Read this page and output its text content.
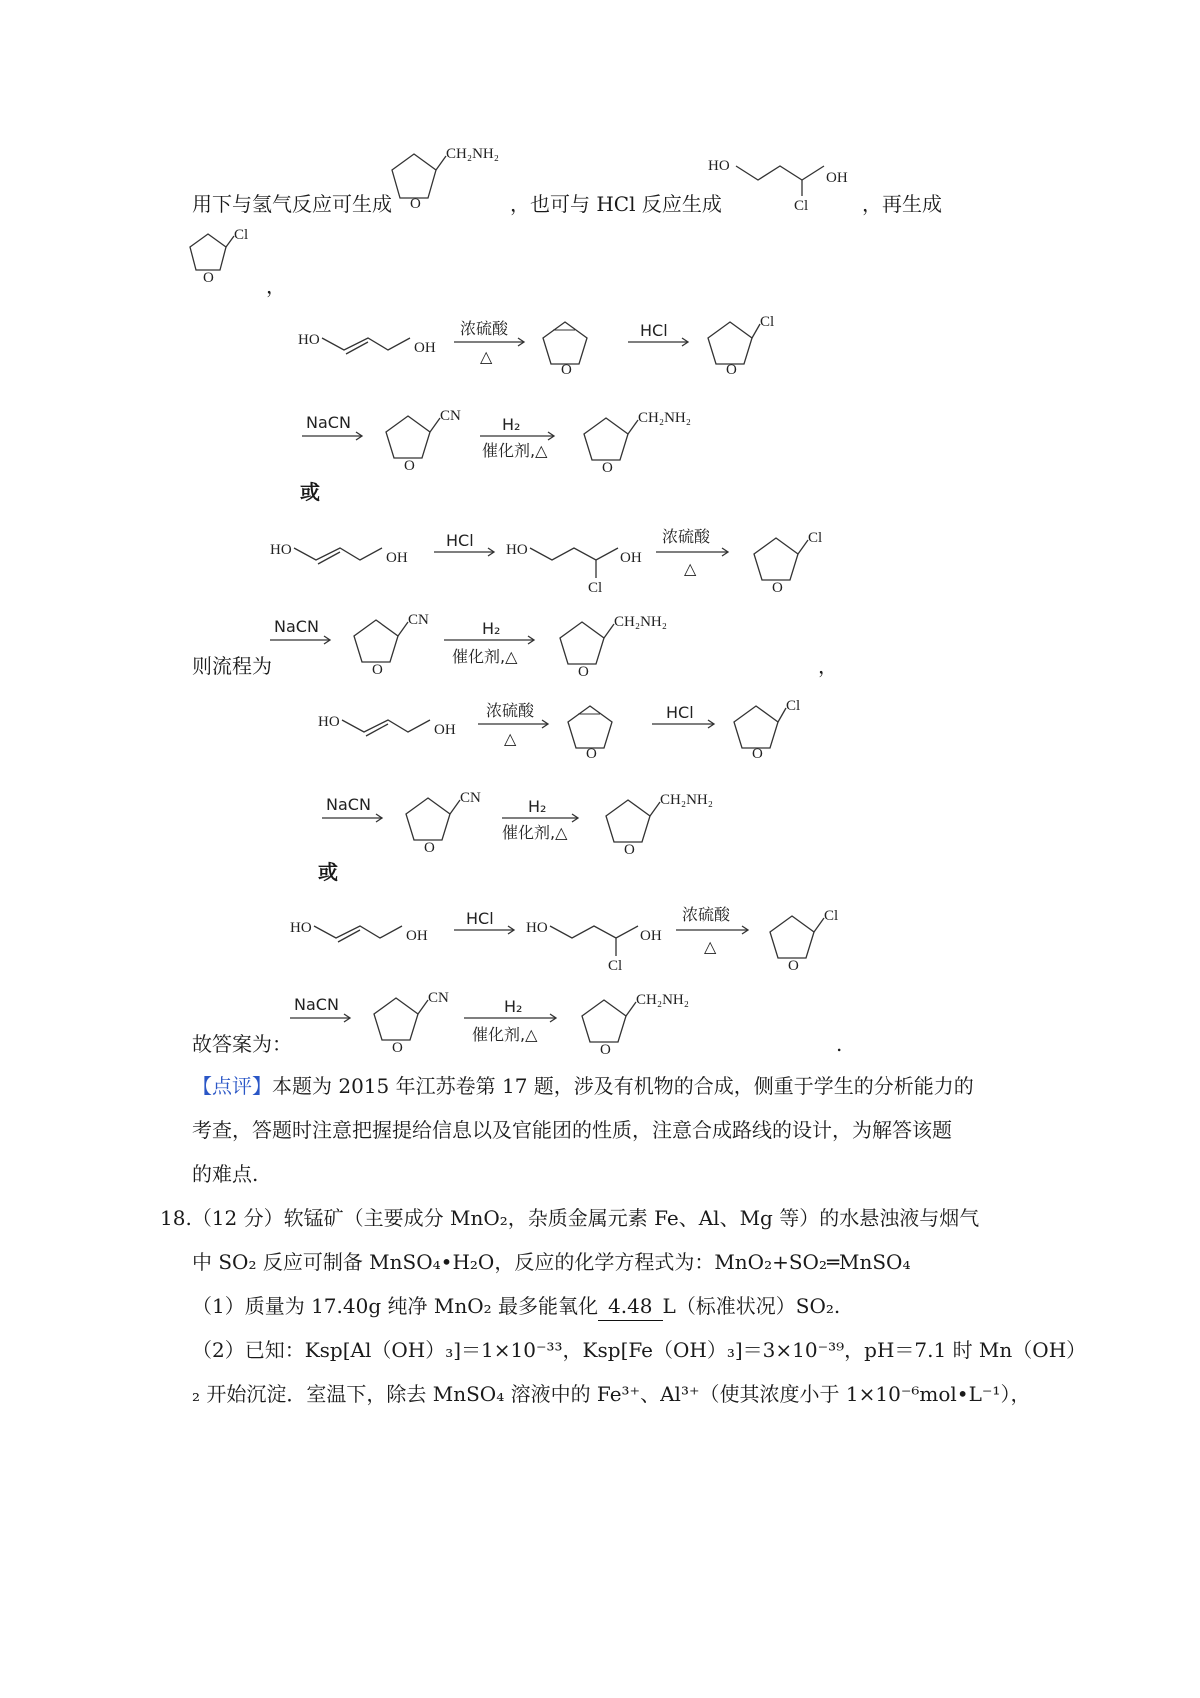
用下与氢气反应可生成
CH₂NH₂
O	，也可与 HCl 反应生成
HO
OH
Cl	，再生成
Cl
O	，
HO	OH
浓硫酸
△
O
HCl	Cl
O
NaCN	CN
O
H₂
催化剂,△
CH₂NH₂
O
或
HO	OH
HCl HO	OH
Cl
浓硫酸
△
Cl
O
则流程为
NaCN	CN
O
H₂
催化剂,△
CH₂NH₂
O	，
HO	OH
浓硫酸
△
O
HCl	Cl
O
NaCN	CN
O
H₂
催化剂,△
CH₂NH₂
O
或
HO	OH
HCl HO	OH
Cl
浓硫酸
△
Cl
O
故答案为：
NaCN	CN
O
H₂
催化剂,△
CH₂NH₂
O	.
【点评】本题为 2015 年江苏卷第 17 题，涉及有机物的合成，侧重于学生的分析能力的
考查，答题时注意把握提给信息以及官能团的性质，注意合成路线的设计，为解答该题
的难点.
18.（12 分）软锰矿（主要成分 MnO₂，杂质金属元素 Fe、Al、Mg 等）的水悬浊液与烟气
中 SO₂ 反应可制备 MnSO₄•H₂O，反应的化学方程式为：MnO₂+SO₂═MnSO₄
（1）质量为 17.40g 纯净 MnO₂ 最多能氧化 4.48 L（标准状况）SO₂.
（2）已知：Ksp[Al（OH）₃]＝1×10⁻³³，Ksp[Fe（OH）₃]＝3×10⁻³⁹，pH＝7.1 时 Mn（OH）
₂ 开始沉淀．室温下，除去 MnSO₄ 溶液中的 Fe³⁺、Al³⁺（使其浓度小于 1×10⁻⁶mol•L⁻¹），
